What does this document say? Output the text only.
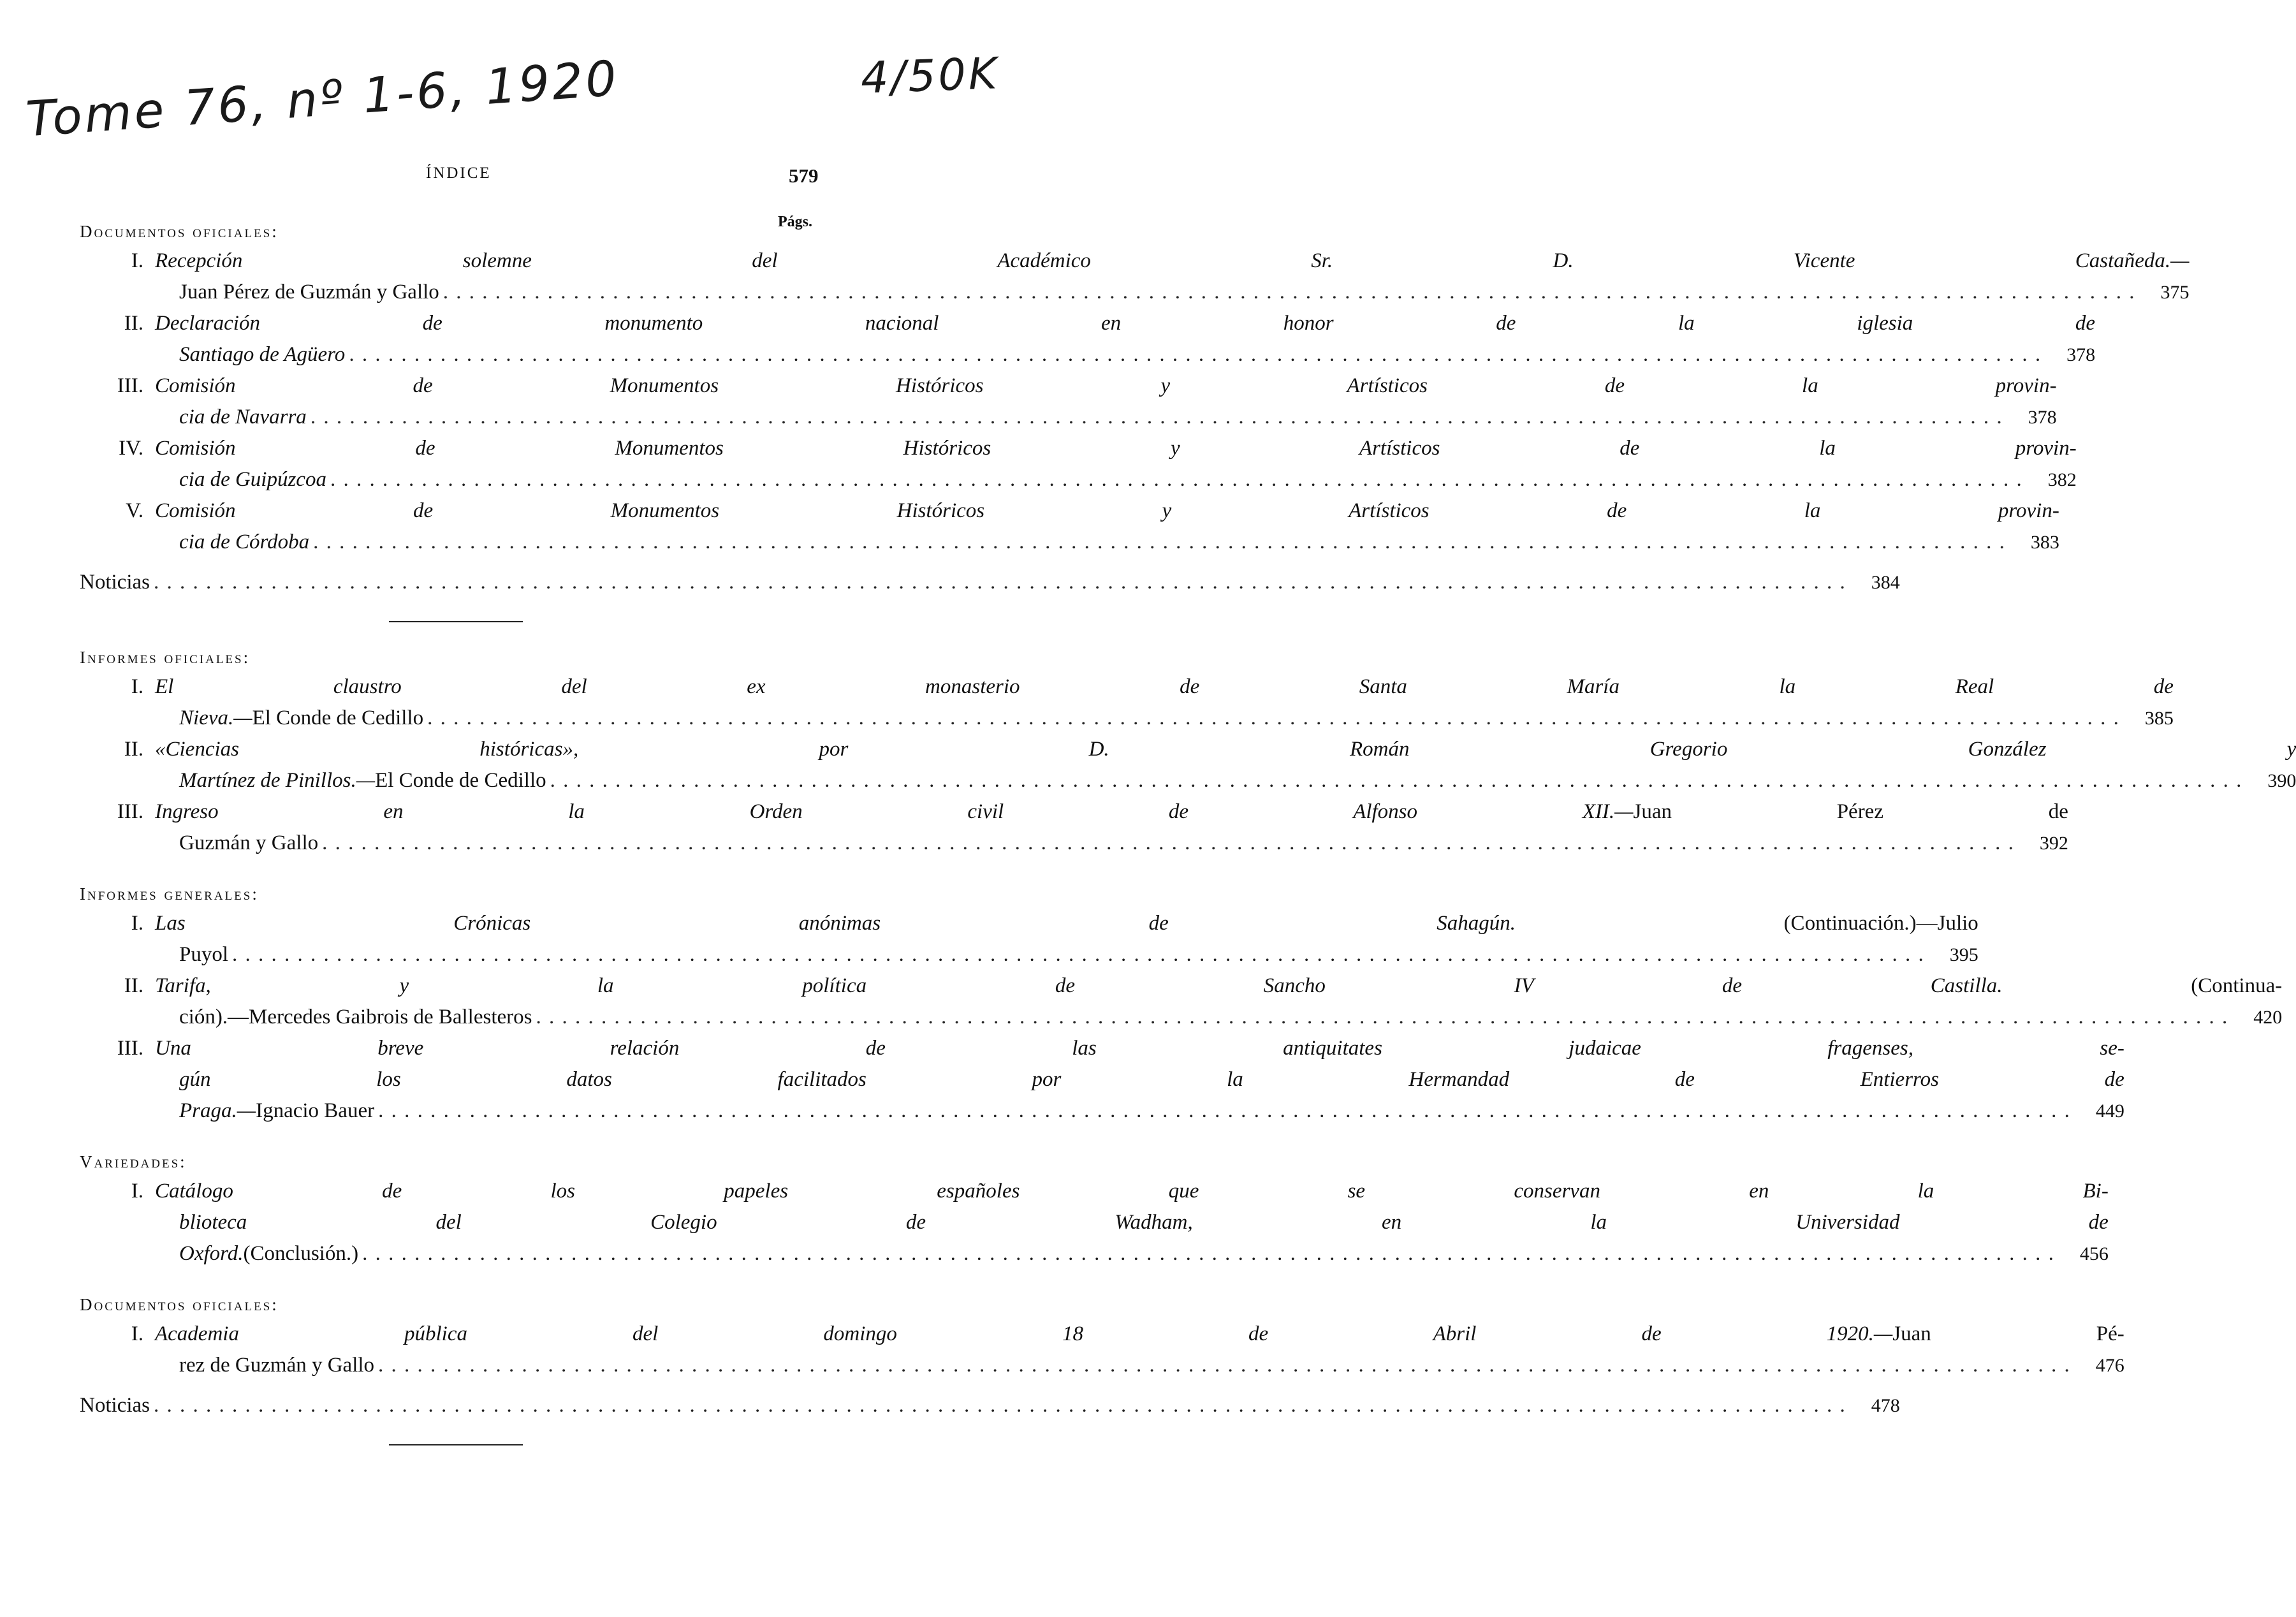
Tome 76, nº 1-6, 1920	4/50K
ÍNDICE	579
Págs.
Documentos oficiales:
I. Recepción solemne del Académico Sr. D. Vicente Castañeda.—
Juan Pérez de Guzmán y Gallo . . .	375
II. Declaración de monumento nacional en honor de la iglesia de
Santiago de Agüero . . .	378
III. Comisión de Monumentos Históricos y Artísticos de la provin-
cia de Navarra . . .	378
IV. Comisión de Monumentos Históricos y Artísticos de la provin-
cia de Guipúzcoa . . .	382
V. Comisión de Monumentos Históricos y Artísticos de la provin-
cia de Córdoba . . .	383
Noticias . . .	384
Informes oficiales:
I. El claustro del ex monasterio de Santa María la Real de
Nieva.— El Conde de Cedillo . . .	385
II. «Ciencias históricas», por D. Román Gregorio González y
Martínez de Pinillos.— El Conde de Cedillo . . .	390
III. Ingreso en la Orden civil de Alfonso XII.—Juan Pérez de
Guzmán y Gallo . . .	392
Informes generales:
I. Las Crónicas anónimas de Sahagún. (Continuación.)—Julio
Puyol . . .	395
II. Tarifa, y la política de Sancho IV de Castilla. (Continua-
ción).—Mercedes Gaibrois de Ballesteros . . .	420
III. Una breve relación de las antiquitates judaicae fragenses, se-
gún los datos facilitados por la Hermandad de Entierros de
Praga.— Ignacio Bauer . . .	449
Variedades:
I. Catálogo de los papeles españoles que se conservan en la Bi-
blioteca del Colegio de Wadham, en la Universidad de
Oxford. (Conclusión.) . . .	456
Documentos oficiales:
I. Academia pública del domingo 18 de Abril de 1920.—Juan Pé-
rez de Guzmán y Gallo . . .	476
Noticias . . .	478
